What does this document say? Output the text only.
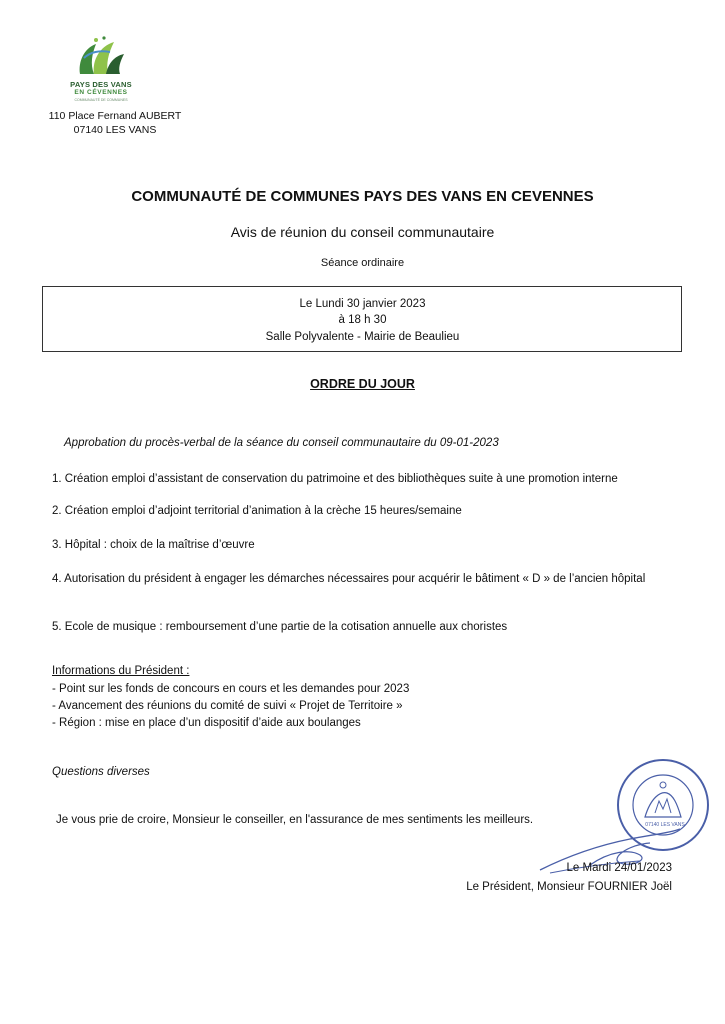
PAYS DES VANS
EN CÉVENNES
COMMUNAUTÉ DE COMMUNES
110 Place Fernand AUBERT
07140 LES VANS
COMMUNAUTÉ DE COMMUNES PAYS DES VANS EN CEVENNES
Avis de réunion du conseil communautaire
Séance ordinaire
Le Lundi 30 janvier 2023
à 18 h 30
Salle Polyvalente - Mairie de Beaulieu
ORDRE DU JOUR
Approbation du procès-verbal de la séance du conseil communautaire du 09-01-2023
1. Création emploi d’assistant de conservation du patrimoine et des bibliothèques suite à une promotion interne
2. Création emploi d’adjoint territorial d’animation à la crèche 15 heures/semaine
3. Hôpital : choix de la maîtrise d’œuvre
4. Autorisation du président à engager les démarches nécessaires pour acquérir le bâtiment « D » de l’ancien hôpital
5. Ecole de musique : remboursement d’une partie de la cotisation annuelle aux choristes
Informations du Président :
- Point sur les fonds de concours en cours et les demandes pour 2023
- Avancement des réunions du comité de suivi « Projet de Territoire »
- Région : mise en place d’un dispositif d’aide aux boulanges
Questions diverses
Je vous prie de croire, Monsieur le conseiller, en l'assurance de mes sentiments les meilleurs.	07140 LES VANS
Le Mardi 24/01/2023
Le Président, Monsieur FOURNIER Joël
